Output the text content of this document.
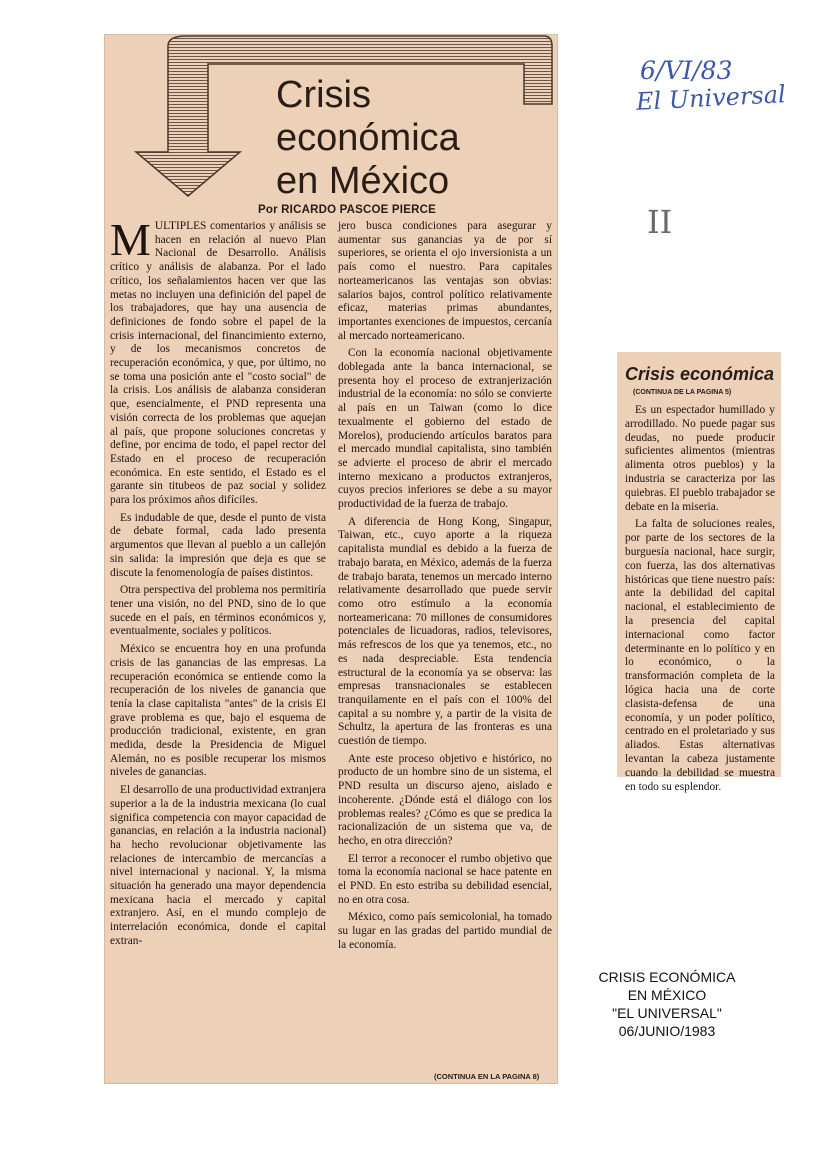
Crisis
económica
en México
Por RICARDO PASCOE PIERCE

MULTIPLES comentarios y análisis se hacen en relación al nuevo Plan Nacional de Desarrollo. Análisis crítico y análisis de alabanza. Por el lado crítico, los señalamientos hacen ver que las metas no incluyen una definición del papel de los trabajadores, que hay una ausencia de definiciones de fondo sobre el papel de la crisis internacional, del financimiento externo, y de los mecanismos concretos de recuperación económica, y que, por último, no se toma una posición ante el "costo social" de la crisis. Los análisis de alabanza consideran que, esencialmente, el PND representa una visión correcta de los problemas que aquejan al país, que propone soluciones concretas y define, por encima de todo, el papel rector del Estado en el proceso de recuperación económica. En este sentido, el Estado es el garante sin titubeos de paz social y solidez para los próximos años difíciles.

Es indudable de que, desde el punto de vista de debate formal, cada lado presenta argumentos que llevan al pueblo a un callejón sin salida: la impresión que deja es que se discute la fenomenología de países distintos.

Otra perspectiva del problema nos permitiría tener una visión, no del PND, sino de lo que sucede en el país, en términos económicos y, eventualmente, sociales y políticos.

México se encuentra hoy en una profunda crisis de las ganancias de las empresas. La recuperación económica se entiende como la recuperación de los niveles de ganancia que tenía la clase capitalista "antes" de la crisis El grave problema es que, bajo el esquema de producción tradicional, existente, en gran medida, desde la Presidencia de Miguel Alemán, no es posible recuperar los mismos niveles de ganancias.

El desarrollo de una productividad extranjera superior a la de la industria mexicana (lo cual significa competencia con mayor capacidad de ganancias, en relación a la industria nacional) ha hecho revolucionar objetivamente las relaciones de intercambio de mercancías a nivel internacional y nacional. Y, la misma situación ha generado una mayor dependencia mexicana hacia el mercado y capital extranjero. Así, en el mundo complejo de interrelación económica, donde el capital extran-

jero busca condiciones para asegurar y aumentar sus ganancias ya de por sí superiores, se orienta el ojo inversionista a un país como el nuestro. Para capitales norteamericanos las ventajas son obvias: salarios bajos, control político relativamente eficaz, materias primas abundantes, importantes exenciones de impuestos, cercanía al mercado norteamericano.

Con la economía nacional objetivamente doblegada ante la banca internacional, se presenta hoy el proceso de extranjerización industrial de la economía: no sólo se convierte al país en un Taiwan (como lo dice texualmente el gobierno del estado de Morelos), produciendo artículos baratos para el mercado mundial capitalista, sino también se advierte el proceso de abrir el mercado interno mexicano a productos extranjeros, cuyos precios inferiores se debe a su mayor productividad de la fuerza de trabajo.

A diferencia de Hong Kong, Singapur, Taiwan, etc., cuyo aporte a la riqueza capitalista mundial es debido a la fuerza de trabajo barata, en México, además de la fuerza de trabajo barata, tenemos un mercado interno relativamente desarrollado que puede servir como otro estímulo a la economía norteamericana: 70 millones de consumidores potenciales de licuadoras, radios, televisores, más refrescos de los que ya tenemos, etc., no es nada despreciable. Esta tendencia estructural de la economía ya se observa: las empresas transnacionales se establecen tranquilamente en el país con el 100% del capital a su nombre y, a partir de la visita de Schultz, la apertura de las fronteras es una cuestión de tiempo.

Ante este proceso objetivo e histórico, no producto de un hombre sino de un sistema, el PND resulta un discurso ajeno, aislado e incoherente. ¿Dónde está el diálogo con los problemas reales? ¿Cómo es que se predica la racionalización de un sistema que va, de hecho, en otra dirección?

El terror a reconocer el rumbo objetivo que toma la economía nacional se hace patente en el PND. En esto estriba su debilidad esencial, no en otra cosa.

México, como país semicolonial, ha tomado su lugar en las gradas del partido mundial de la economía.

(CONTINUA EN LA PAGINA 8)
Crisis económica
(CONTINUA DE LA PAGINA 5)

Es un espectador humillado y arrodillado. No puede pagar sus deudas, no puede producir suficientes alimentos (mientras alimenta otros pueblos) y la industria se caracteriza por las quiebras. El pueblo trabajador se debate en la miseria.

La falta de soluciones reales, por parte de los sectores de la burguesía nacional, hace surgir, con fuerza, las dos alternativas históricas que tiene nuestro país: ante la debilidad del capital nacional, el establecimiento de la presencia del capital internacional como factor determinante en lo político y en lo económico, o la transformación completa de la lógica hacia una de corte clasista-defensa de una economía, y un poder político, centrado en el proletariado y sus aliados. Estas alternativas levantan la cabeza justamente cuando la debilidad se muestra en todo su esplendor.

6/VI/83
El Universal
II
CRISIS ECONÓMICA
EN MÉXICO
"EL UNIVERSAL"
06/JUNIO/1983
